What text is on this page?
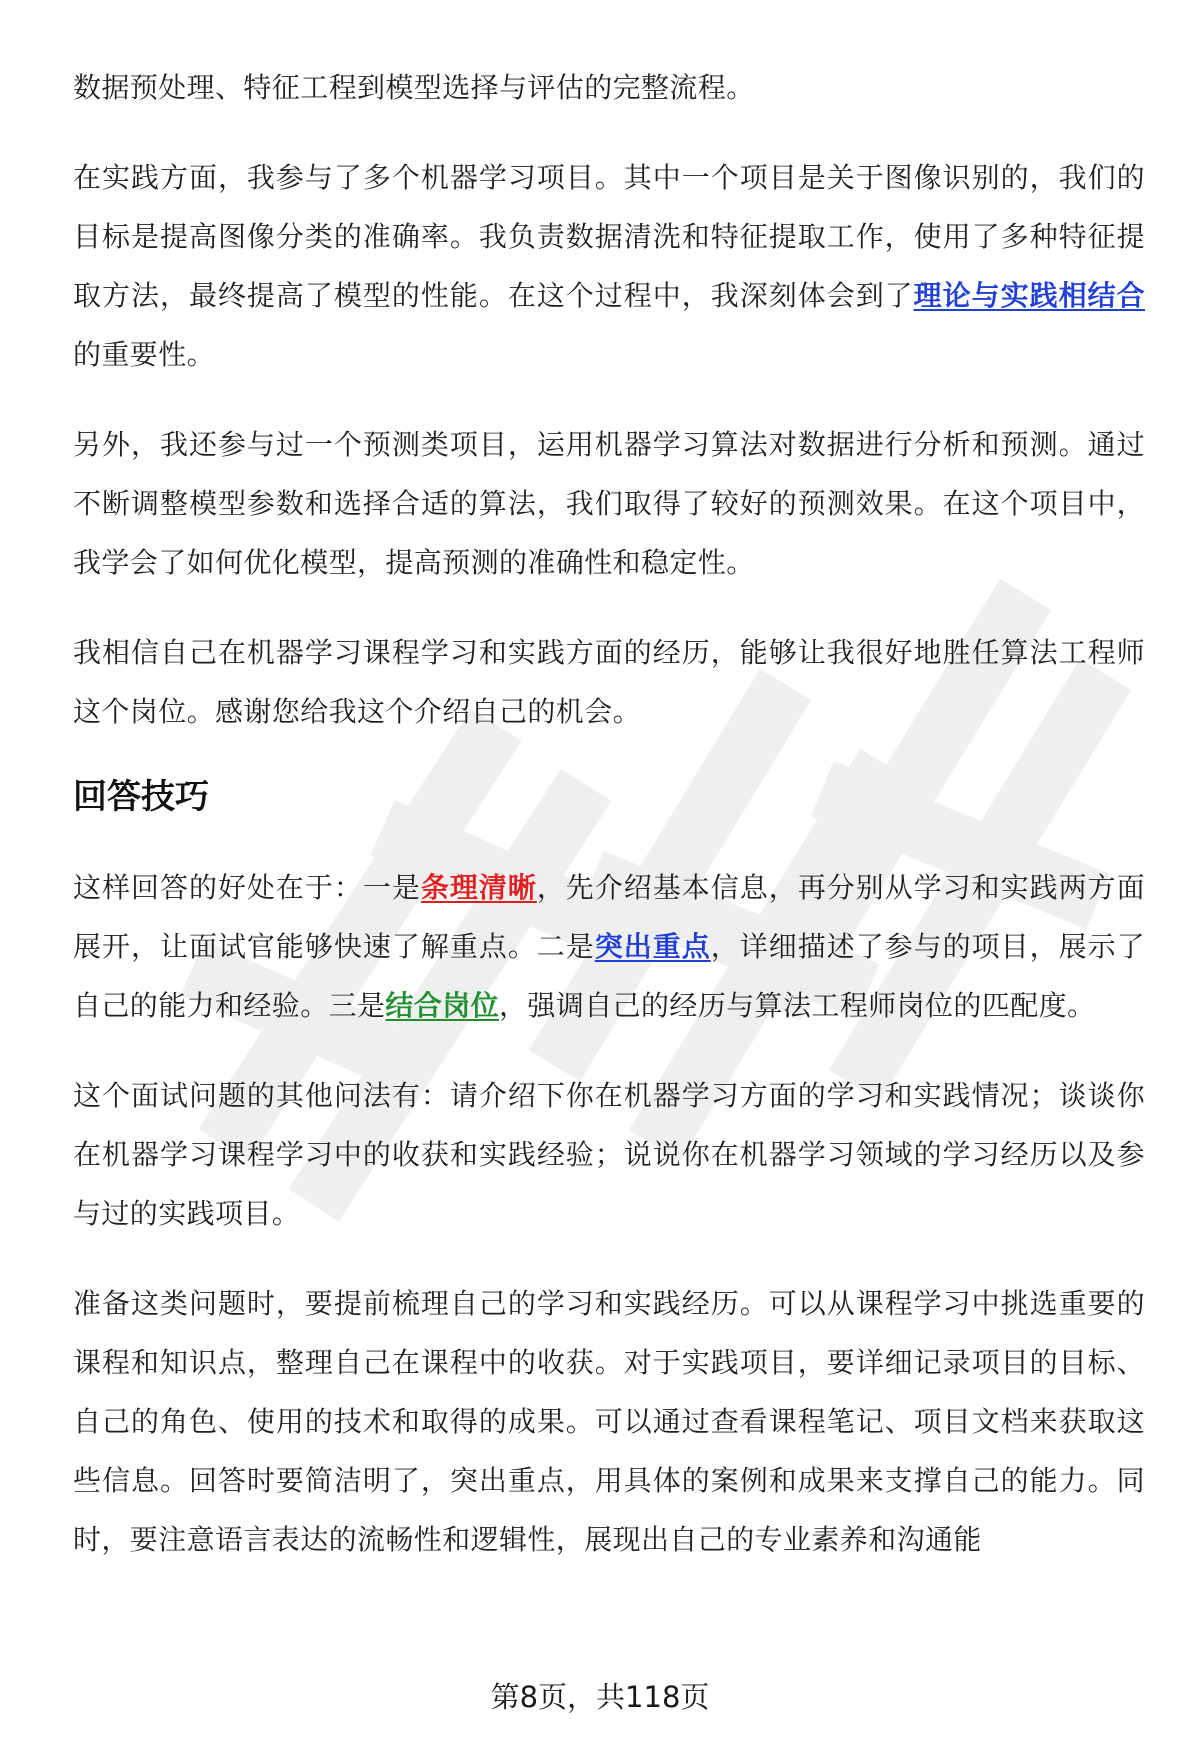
数据预处理、特征工程到模型选择与评估的完整流程。

在实践方面，我参与了多个机器学习项目。其中一个项目是关于图像识别的，我们的目标是提高图像分类的准确率。我负责数据清洗和特征提取工作，使用了多种特征提取方法，最终提高了模型的性能。在这个过程中，我深刻体会到了理论与实践相结合的重要性。

另外，我还参与过一个预测类项目，运用机器学习算法对数据进行分析和预测。通过不断调整模型参数和选择合适的算法，我们取得了较好的预测效果。在这个项目中，我学会了如何优化模型，提高预测的准确性和稳定性。

我相信自己在机器学习课程学习和实践方面的经历，能够让我很好地胜任算法工程师这个岗位。感谢您给我这个介绍自己的机会。

回答技巧

这样回答的好处在于：一是条理清晰，先介绍基本信息，再分别从学习和实践两方面展开，让面试官能够快速了解重点。二是突出重点，详细描述了参与的项目，展示了自己的能力和经验。三是结合岗位，强调自己的经历与算法工程师岗位的匹配度。

这个面试问题的其他问法有：请介绍下你在机器学习方面的学习和实践情况；谈谈你在机器学习课程学习中的收获和实践经验；说说你在机器学习领域的学习经历以及参与过的实践项目。

准备这类问题时，要提前梳理自己的学习和实践经历。可以从课程学习中挑选重要的课程和知识点，整理自己在课程中的收获。对于实践项目，要详细记录项目的目标、自己的角色、使用的技术和取得的成果。可以通过查看课程笔记、项目文档来获取这些信息。回答时要简洁明了，突出重点，用具体的案例和成果来支撑自己的能力。同时，要注意语言表达的流畅性和逻辑性，展现出自己的专业素养和沟通能

第8页，共118页
